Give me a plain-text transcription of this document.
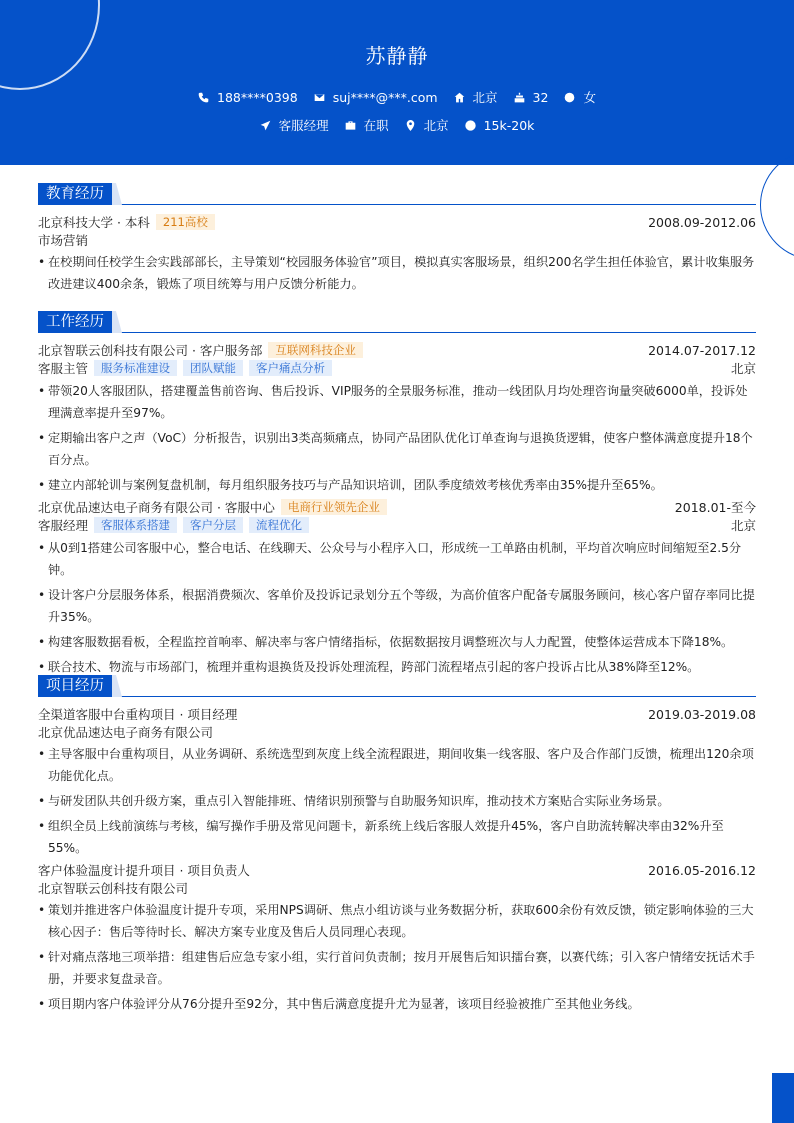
苏静静
188****0398	suj****@***.com	北京	32	女
客服经理	在职	北京	15k-20k
教育经历
北京科技大学 · 本科	211高校	2008.09-2012.06
市场营销
• 在校期间任校学生会实践部部长，主导策划“校园服务体验官”项目，模拟真实客服场景，组织200名学生担任体验官，累计收集服务改进建议400余条，锻炼了项目统筹与用户反馈分析能力。
工作经历
北京智联云创科技有限公司 · 客户服务部	互联网科技企业	2014.07-2017.12
客服主管	服务标准建设	团队赋能	客户痛点分析	北京
• 带领20人客服团队，搭建覆盖售前咨询、售后投诉、VIP服务的全景服务标准，推动一线团队月均处理咨询量突破6000单，投诉处理满意率提升至97%。
• 定期输出客户之声（VoC）分析报告，识别出3类高频痛点，协同产品团队优化订单查询与退换货逻辑，使客户整体满意度提升18个百分点。
• 建立内部轮训与案例复盘机制，每月组织服务技巧与产品知识培训，团队季度绩效考核优秀率由35%提升至65%。
北京优品速达电子商务有限公司 · 客服中心	电商行业领先企业	2018.01-至今
客服经理	客服体系搭建	客户分层	流程优化	北京
• 从0到1搭建公司客服中心，整合电话、在线聊天、公众号与小程序入口，形成统一工单路由机制，平均首次响应时间缩短至2.5分钟。
• 设计客户分层服务体系，根据消费频次、客单价及投诉记录划分五个等级，为高价值客户配备专属服务顾问，核心客户留存率同比提升35%。
• 构建客服数据看板，全程监控首响率、解决率与客户情绪指标，依据数据按月调整班次与人力配置，使整体运营成本下降18%。
• 联合技术、物流与市场部门，梳理并重构退换货及投诉处理流程，跨部门流程堵点引起的客户投诉占比从38%降至12%。
项目经历
全渠道客服中台重构项目 · 项目经理	2019.03-2019.08
北京优品速达电子商务有限公司
• 主导客服中台重构项目，从业务调研、系统选型到灰度上线全流程跟进，期间收集一线客服、客户及合作部门反馈，梳理出120余项功能优化点。
• 与研发团队共创升级方案，重点引入智能排班、情绪识别预警与自助服务知识库，推动技术方案贴合实际业务场景。
• 组织全员上线前演练与考核，编写操作手册及常见问题卡，新系统上线后客服人效提升45%，客户自助流转解决率由32%升至55%。
客户体验温度计提升项目 · 项目负责人	2016.05-2016.12
北京智联云创科技有限公司
• 策划并推进客户体验温度计提升专项，采用NPS调研、焦点小组访谈与业务数据分析，获取600余份有效反馈，锁定影响体验的三大核心因子：售后等待时长、解决方案专业度及售后人员同理心表现。
• 针对痛点落地三项举措：组建售后应急专家小组，实行首问负责制；按月开展售后知识擂台赛，以赛代练；引入客户情绪安抚话术手册，并要求复盘录音。
• 项目期内客户体验评分从76分提升至92分，其中售后满意度提升尤为显著，该项目经验被推广至其他业务线。
